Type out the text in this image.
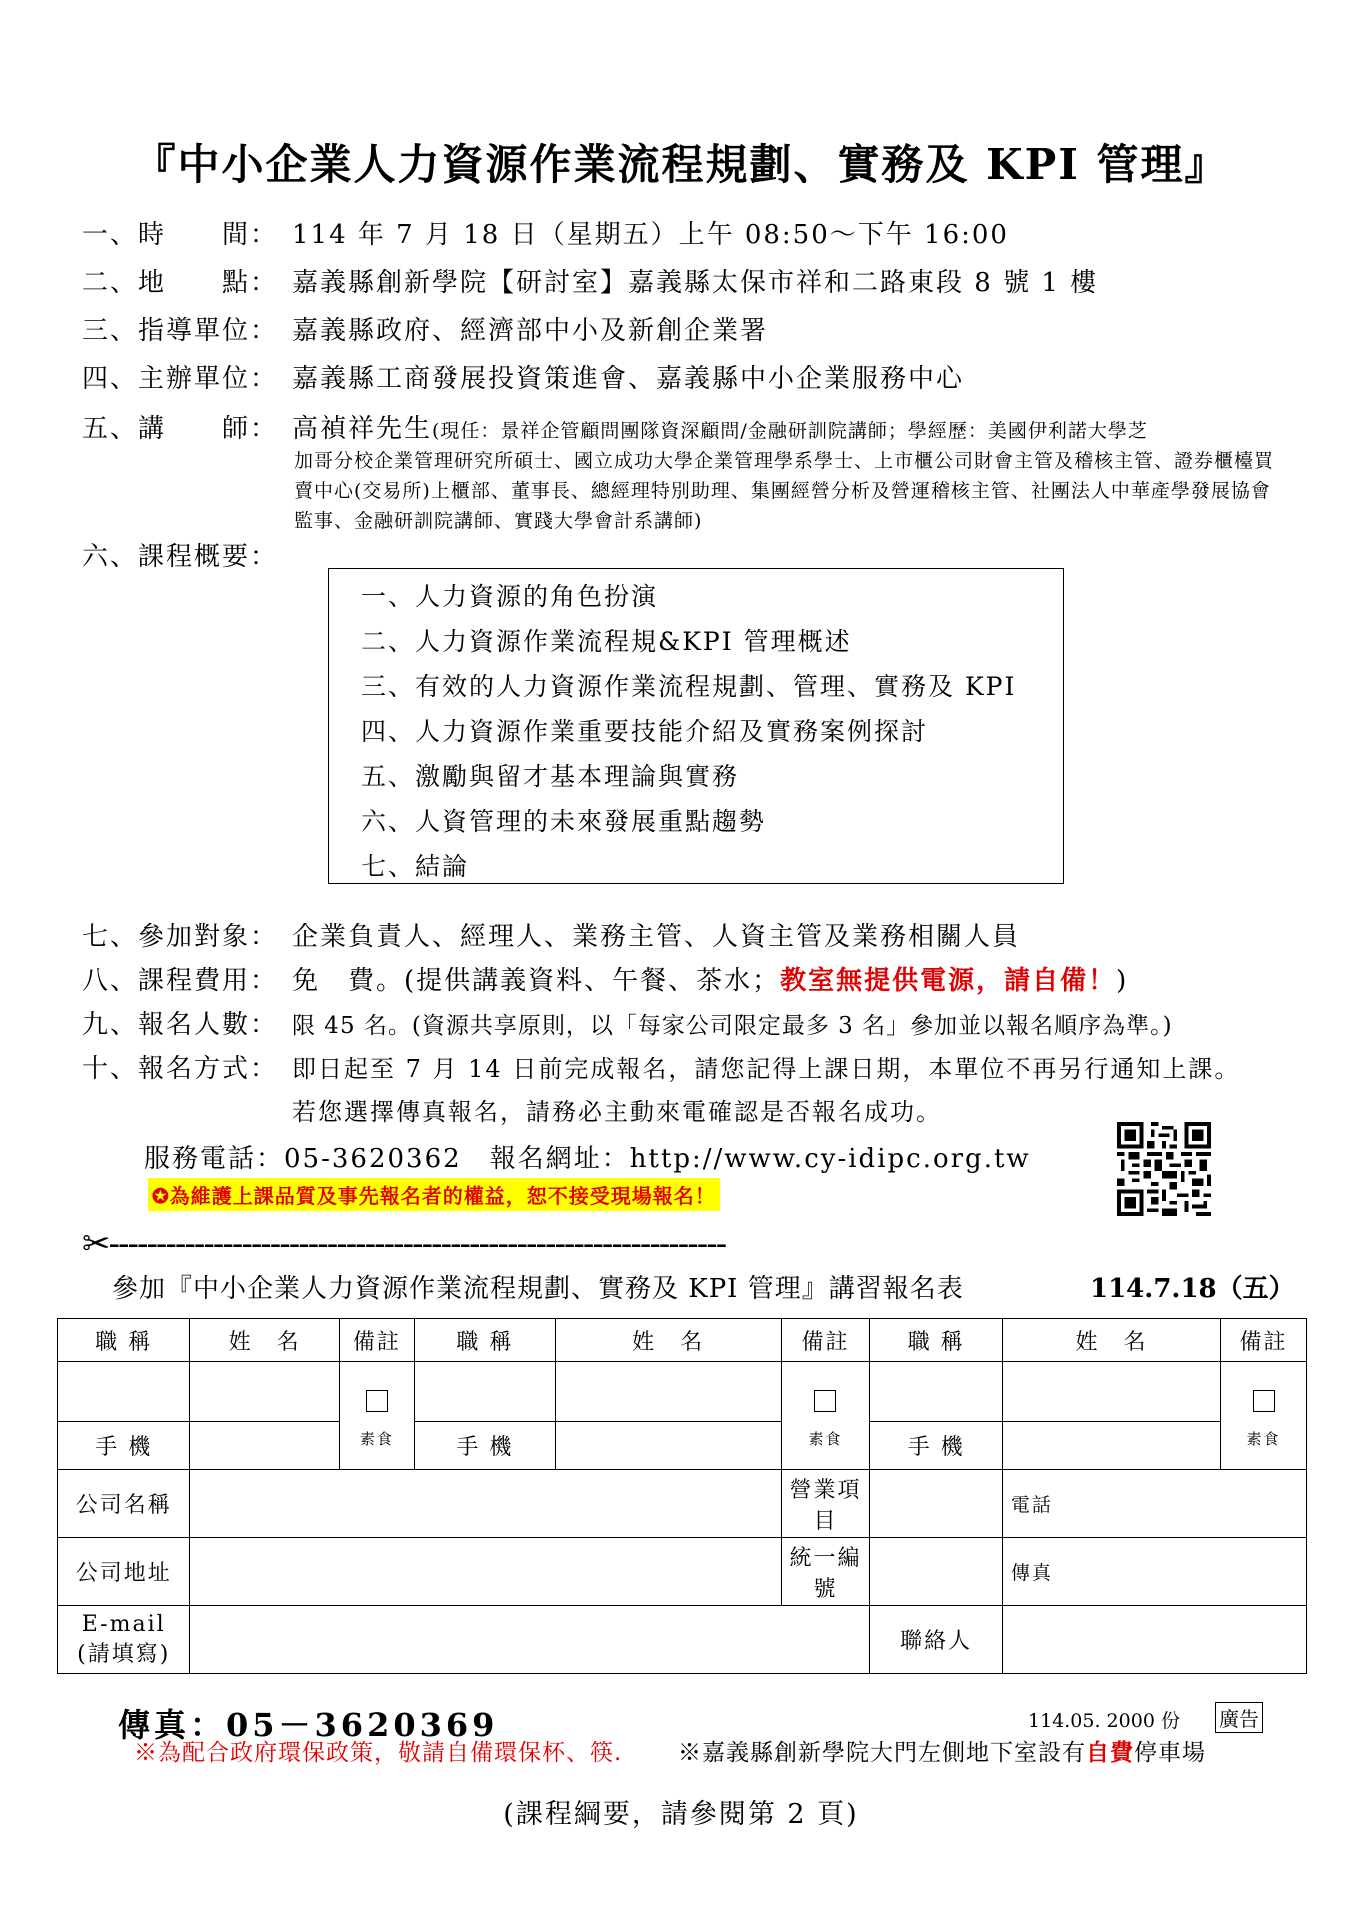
『中小企業人力資源作業流程規劃、實務及 KPI 管理』
一、時　　間： 114 年 7 月 18 日（星期五）上午 08:50～下午 16:00
二、地　　點： 嘉義縣創新學院【研討室】嘉義縣太保市祥和二路東段 8 號 1 樓
三、指導單位： 嘉義縣政府、經濟部中小及新創企業署
四、主辦單位： 嘉義縣工商發展投資策進會、嘉義縣中小企業服務中心
五、講　　師： 高禎祥先生(現任：景祥企管顧問團隊資深顧問/金融研訓院講師；學經歷：美國伊利諾大學芝
加哥分校企業管理研究所碩士、國立成功大學企業管理學系學士、上市櫃公司財會主管及稽核主管、證券櫃檯買賣中心(交易所)上櫃部、董事長、總經理特別助理、集團經營分析及營運稽核主管、社團法人中華產學發展協會監事、金融研訓院講師、實踐大學會計系講師)
六、課程概要：
一、人力資源的角色扮演
二、人力資源作業流程規&KPI 管理概述
三、有效的人力資源作業流程規劃、管理、實務及 KPI
四、人力資源作業重要技能介紹及實務案例探討
五、激勵與留才基本理論與實務
六、人資管理的未來發展重點趨勢
七、結論
七、參加對象： 企業負責人、經理人、業務主管、人資主管及業務相關人員
八、課程費用： 免　費。(提供講義資料、午餐、茶水；教室無提供電源，請自備！)
九、報名人數： 限 45 名。(資源共享原則，以「每家公司限定最多 3 名」參加並以報名順序為準。)
十、報名方式： 即日起至 7 月 14 日前完成報名，請您記得上課日期，本單位不再另行通知上課。
若您選擇傳真報名，請務必主動來電確認是否報名成功。
服務電話：05-3620362　 報名網址：http://www.cy-idipc.org.tw
✪為維護上課品質及事先報名者的權益，恕不接受現場報名！
✂-----------------------------------------------------------------
參加『中小企業人力資源作業流程規劃、實務及 KPI 管理』講習報名表	114.7.18（五）
職 稱	姓　名	備註	職 稱	姓　名	備註	職 稱	姓　名	備註

		素食			素食			素食

手 機			手 機			手 機		
公司名稱					營業項目		電話	
公司地址					統一編號		傳真	

E-mail
(請填寫)						聯絡人		
傳真：05－3620369	114.05. 2000 份 廣告
※為配合政府環保政策，敬請自備環保杯、筷. ※嘉義縣創新學院大門左側地下室設有自費停車場
(課程綱要，請參閱第 2 頁)
